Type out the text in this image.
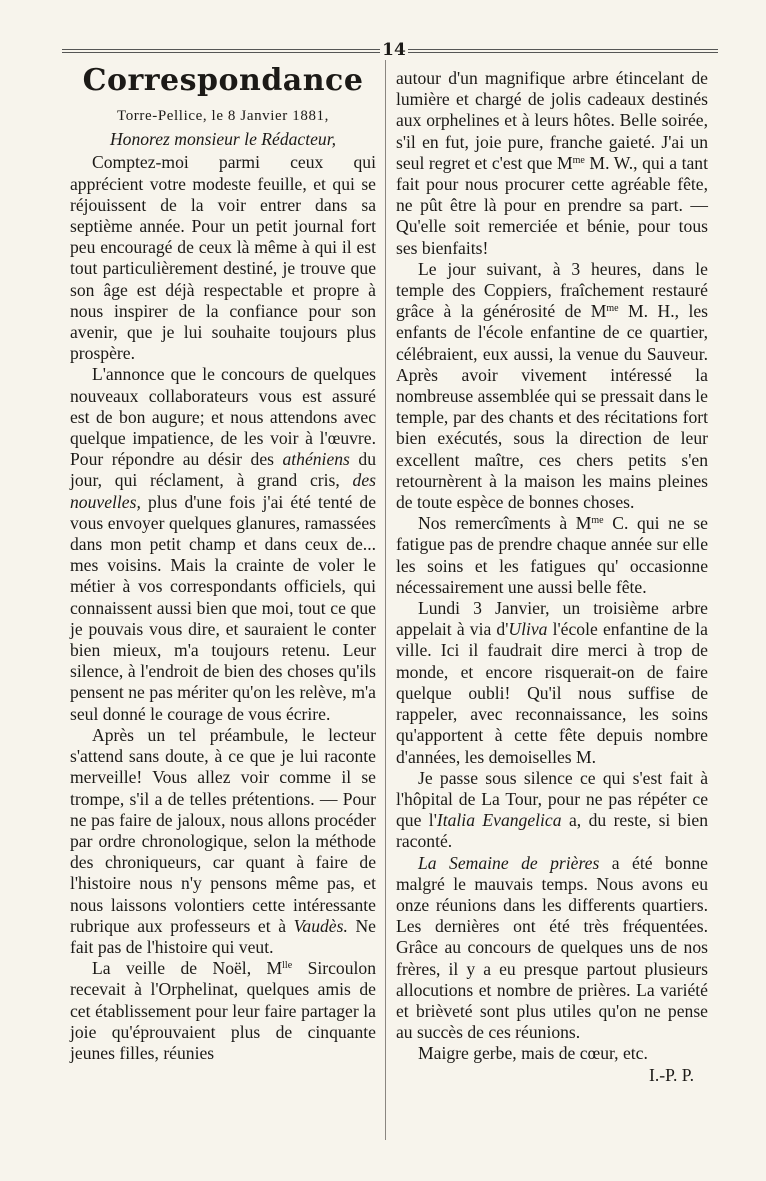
14
Correspondance
Torre-Pellice, le 8 Janvier 1881,
Honorez monsieur le Rédacteur,

Comptez-moi parmi ceux qui apprécient votre modeste feuille, et qui se réjouissent de la voir entrer dans sa septième année. Pour un petit journal fort peu encouragé de ceux là même à qui il est tout particulièrement destiné, je trouve que son âge est déjà respectable et propre à nous inspirer de la confiance pour son avenir, que je lui souhaite toujours plus prospère.

L'annonce que le concours de quelques nouveaux collaborateurs vous est assuré est de bon augure; et nous attendons avec quelque impatience, de les voir à l'œuvre. Pour répondre au désir des athéniens du jour, qui réclament, à grand cris, des nouvelles, plus d'une fois j'ai été tenté de vous envoyer quelques glanures, ramassées dans mon petit champ et dans ceux de... mes voisins. Mais la crainte de voler le métier à vos correspondants officiels, qui connaissent aussi bien que moi, tout ce que je pouvais vous dire, et sauraient le conter bien mieux, m'a toujours retenu. Leur silence, à l'endroit de bien des choses qu'ils pensent ne pas mériter qu'on les relève, m'a seul donné le courage de vous écrire.

Après un tel préambule, le lecteur s'attend sans doute, à ce que je lui raconte merveille! Vous allez voir comme il se trompe, s'il a de telles prétentions. — Pour ne pas faire de jaloux, nous allons procéder par ordre chronologique, selon la méthode des chroniqueurs, car quant à faire de l'histoire nous n'y pensons même pas, et nous laissons volontiers cette intéressante rubrique aux professeurs et à Vaudès. Ne fait pas de l'histoire qui veut.

La veille de Noël, $M^{lle}$ Sircoulon recevait à l'Orphelinat, quelques amis de cet établissement pour leur faire partager la joie qu'éprouvaient plus de cinquante jeunes filles, réunies

autour d'un magnifique arbre étincelant de lumière et chargé de jolis cadeaux destinés aux orphelines et à leurs hôtes. Belle soirée, s'il en fut, joie pure, franche gaieté. J'ai un seul regret et c'est que $M^{me}$ M. W., qui a tant fait pour nous procurer cette agréable fête, ne pût être là pour en prendre sa part. — Qu'elle soit remerciée et bénie, pour tous ses bienfaits!

Le jour suivant, à 3 heures, dans le temple des Coppiers, fraîchement restauré grâce à la générosité de $M^{me}$ M. H., les enfants de l'école enfantine de ce quartier, célébraient, eux aussi, la venue du Sauveur. Après avoir vivement intéressé la nombreuse assemblée qui se pressait dans le temple, par des chants et des récitations fort bien exécutés, sous la direction de leur excellent maître, ces chers petits s'en retournèrent à la maison les mains pleines de toute espèce de bonnes choses.

Nos remercîments à $M^{me}$ C. qui ne se fatigue pas de prendre chaque année sur elle les soins et les fatigues qu' occasionne nécessairement une aussi belle fête.

Lundi 3 Janvier, un troisième arbre appelait à via d'Uliva l'école enfantine de la ville. Ici il faudrait dire merci à trop de monde, et encore risquerait-on de faire quelque oubli! Qu'il nous suffise de rappeler, avec reconnaissance, les soins qu'apportent à cette fête depuis nombre d'années, les demoiselles M.

Je passe sous silence ce qui s'est fait à l'hôpital de La Tour, pour ne pas répéter ce que l'Italia Evangelica a, du reste, si bien raconté.

La Semaine de prières a été bonne malgré le mauvais temps. Nous avons eu onze réunions dans les differents quartiers. Les dernières ont été très fréquentées. Grâce au concours de quelques uns de nos frères, il y a eu presque partout plusieurs allocutions et nombre de prières. La variété et brièveté sont plus utiles qu'on ne pense au succès de ces réunions.

Maigre gerbe, mais de cœur, etc.

I.-P. P.
